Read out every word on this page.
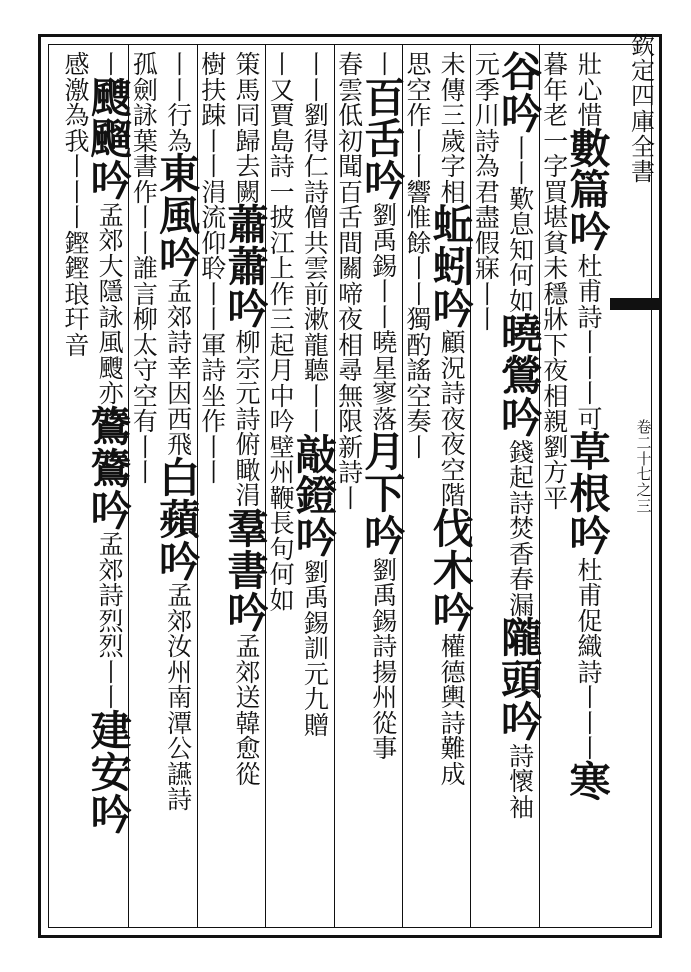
欽
定
四
庫
全
書
卷
二
十
七
之
三
壯
心
惜
數
篇
吟
杜
甫
詩
丨
丨
丨
可
草
根
吟
杜
甫
促
織
詩
丨
丨
丨
寒
暮
年
老
一
字
買
堪
貧
未
穩
牀
下
夜
相
親
劉
方
平
谷
吟
丨
丨
歎
息
知
何
如
曉
鶯
吟
錢
起
詩
焚
香
春
漏
隴
頭
吟
詩
懷
袖
元
季
川
詩
為
君
盡
假
寐
丨
丨
未
傳
三
歲
字
相
蚯
蚓
吟
顧
況
詩
夜
夜
空
階
伐
木
吟
權
德
輿
詩
難
成
思
空
作
丨
丨
響
惟
餘
丨
丨
獨
酌
謠
空
奏
丨
丨
百
舌
吟
劉
禹
錫
丨
丨
曉
星
寥
落
月
下
吟
劉
禹
錫
詩
揚
州
從
事
春
雲
低
初
聞
百
舌
間
關
啼
夜
相
尋
無
限
新
詩
丨
丨
丨
劉
得
仁
詩
僧
共
雲
前
漱
龍
聽
丨
丨
敲
鐙
吟
劉
禹
錫
訓
元
九
贈
丨
又
賈
島
詩
一
披
江
上
作
三
起
月
中
吟
壁
州
鞭
長
句
何
如
策
馬
同
歸
去
闕
蕭
蕭
吟
柳
宗
元
詩
俯
瞰
涓
羣
書
吟
孟
郊
送
韓
愈
從
樹
扶
踈
丨
丨
涓
流
仰
聆
丨
丨
軍
詩
坐
作
丨
丨
丨
丨
行
為
東
風
吟
孟
郊
詩
幸
因
西
飛
白
蘋
吟
孟
郊
汝
州
南
潭
公
讌
詩
孤
劍
詠
葉
書
作
丨
丨
誰
言
柳
太
守
空
有
丨
丨
丨
颼
飀
吟
孟
郊
大
隱
詠
風
颼
亦
鷟
鷟
吟
孟
郊
詩
烈
烈
丨
丨
建
安
吟
感
激
為
我
丨
丨
丨
鏗
鏗
琅
玕
音
